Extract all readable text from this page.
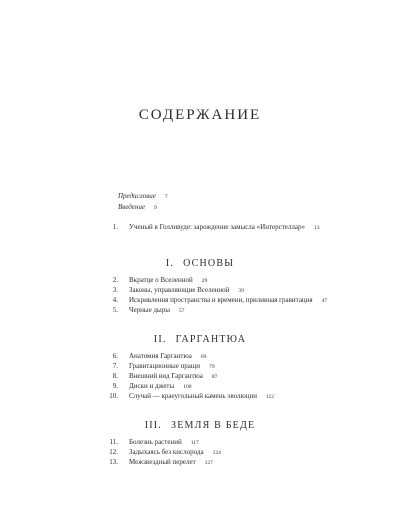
СОДЕРЖАНИЕ
Предисловие 7
Введение 9
1. Ученый в Голливуде: зарождение замысла «Интерстеллар» 13
I. ОСНОВЫ
2. Вкратце о Вселенной 29
3. Законы, управляющие Вселенной 39
4. Искривления пространства и времени, приливная гравитация 47
5. Черные дыры 57
II. ГАРГАНТЮА
6. Анатомия Гаргантюа 69
7. Гравитационные пращи 79
8. Внешний вид Гаргантюа 87
9. Диски и джеты 100
10. Случай — краеугольный камень эволюции 112
III. ЗЕМЛЯ В БЕДЕ
11. Болезнь растений 117
12. Задыхаясь без кислорода 124
13. Межзвездный перелет 127
